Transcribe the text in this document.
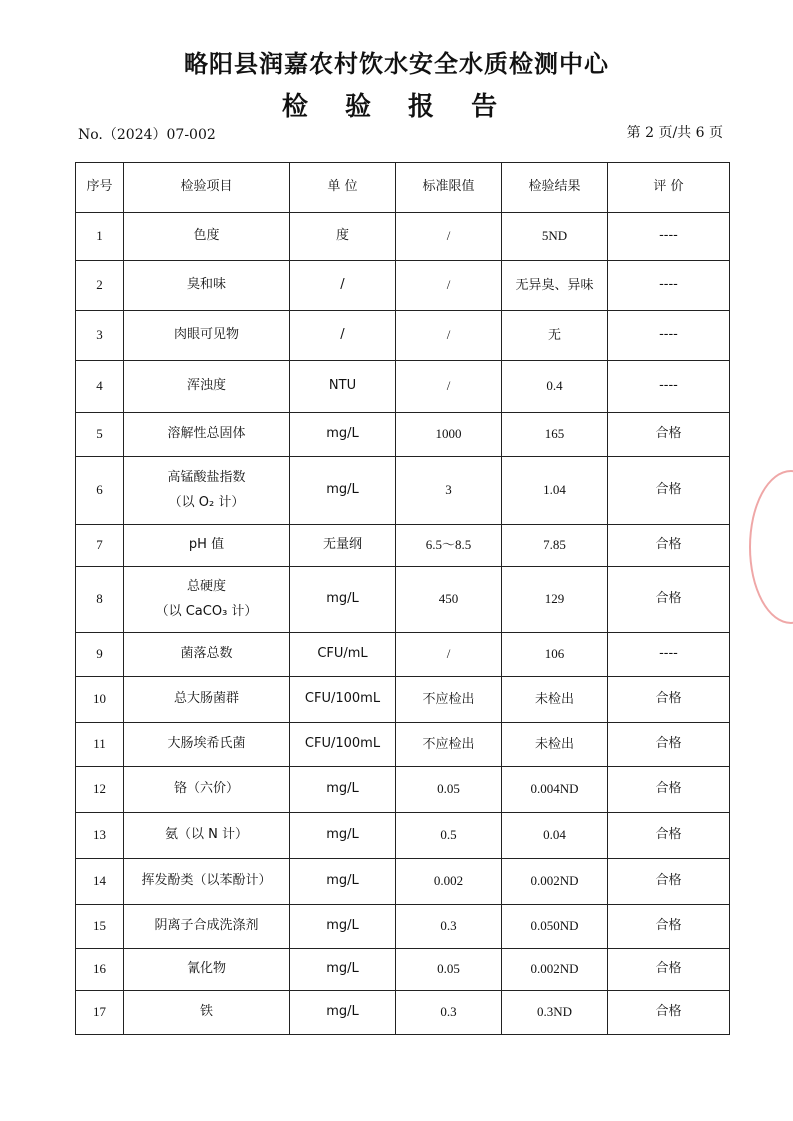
略阳县润嘉农村饮水安全水质检测中心
检 验 报 告
No.（2024）07-002	第 2 页/共 6 页
序号	检验项目	单 位	标准限值	检验结果	评 价
1	色度	度	/	5ND	----
2	臭和味	/	/	无异臭、异味	----
3	肉眼可见物	/	/	无	----
4	浑浊度	NTU	/	0.4	----
5	溶解性总固体	mg/L	1000	165	合格
6	高锰酸盐指数
（以 O₂ 计）	mg/L	3	1.04	合格
7	pH 值	无量纲	6.5～8.5	7.85	合格
8	总硬度
（以 CaCO₃ 计）	mg/L	450	129	合格
9	菌落总数	CFU/mL	/	106	----
10	总大肠菌群	CFU/100mL	不应检出	未检出	合格
11	大肠埃希氏菌	CFU/100mL	不应检出	未检出	合格
12	铬（六价）	mg/L	0.05	0.004ND	合格
13	氨（以 N 计）	mg/L	0.5	0.04	合格
14	挥发酚类（以苯酚计）	mg/L	0.002	0.002ND	合格
15	阴离子合成洗涤剂	mg/L	0.3	0.050ND	合格
16	氰化物	mg/L	0.05	0.002ND	合格
17	铁	mg/L	0.3	0.3ND	合格
